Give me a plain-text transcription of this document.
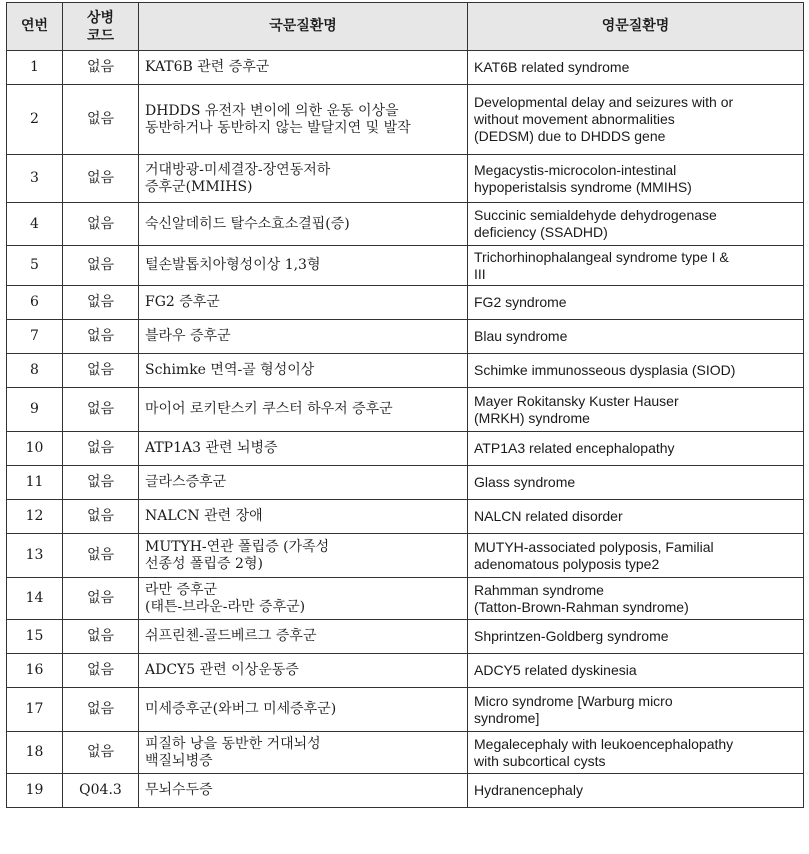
연번	상병
코드	국문질환명	영문질환명
1	없음	KAT6B 관련 증후군	KAT6B related syndrome

2	없음	DHDDS 유전자 변이에 의한 운동 이상을
동반하거나 동반하지 않는 발달지연 및 발작	Developmental delay and seizures with or
without movement abnormalities
(DEDSM) due to DHDDS gene

3	없음	거대방광-미세결장-장연동저하
증후군(MMIHS)	Megacystis-microcolon-intestinal
hypoperistalsis syndrome (MMIHS)

4	없음	숙신알데히드 탈수소효소결핍(증)	Succinic semialdehyde dehydrogenase
deficiency (SSADHD)

5	없음	털손발톱치아형성이상 1,3형	Trichorhinophalangeal syndrome type I &
III

6	없음	FG2 증후군	FG2 syndrome

7	없음	블라우 증후군	Blau syndrome

8	없음	Schimke 면역-골 형성이상	Schimke immunosseous dysplasia (SIOD)

9	없음	마이어 로키탄스키 쿠스터 하우저 증후군	Mayer Rokitansky Kuster Hauser
(MRKH) syndrome

10	없음	ATP1A3 관련 뇌병증	ATP1A3 related encephalopathy

11	없음	글라스증후군	Glass syndrome

12	없음	NALCN 관련 장애	NALCN related disorder

13	없음	MUTYH-연관 폴립증 (가족성
선종성 폴립증 2형)	MUTYH-associated polyposis, Familial
adenomatous polyposis type2

14	없음	라만 증후군
(태튼-브라운-라만 증후군)	Rahmman syndrome
(Tatton-Brown-Rahman syndrome)

15	없음	쉬프린첸-골드베르그 증후군	Shprintzen-Goldberg syndrome

16	없음	ADCY5 관련 이상운동증	ADCY5 related dyskinesia

17	없음	미세증후군(와버그 미세증후군)	Micro syndrome [Warburg micro
syndrome]

18	없음	피질하 낭을 동반한 거대뇌성
백질뇌병증	Megalecephaly with leukoencephalopathy
with subcortical cysts

19	Q04.3	무뇌수두증	Hydranencephaly
